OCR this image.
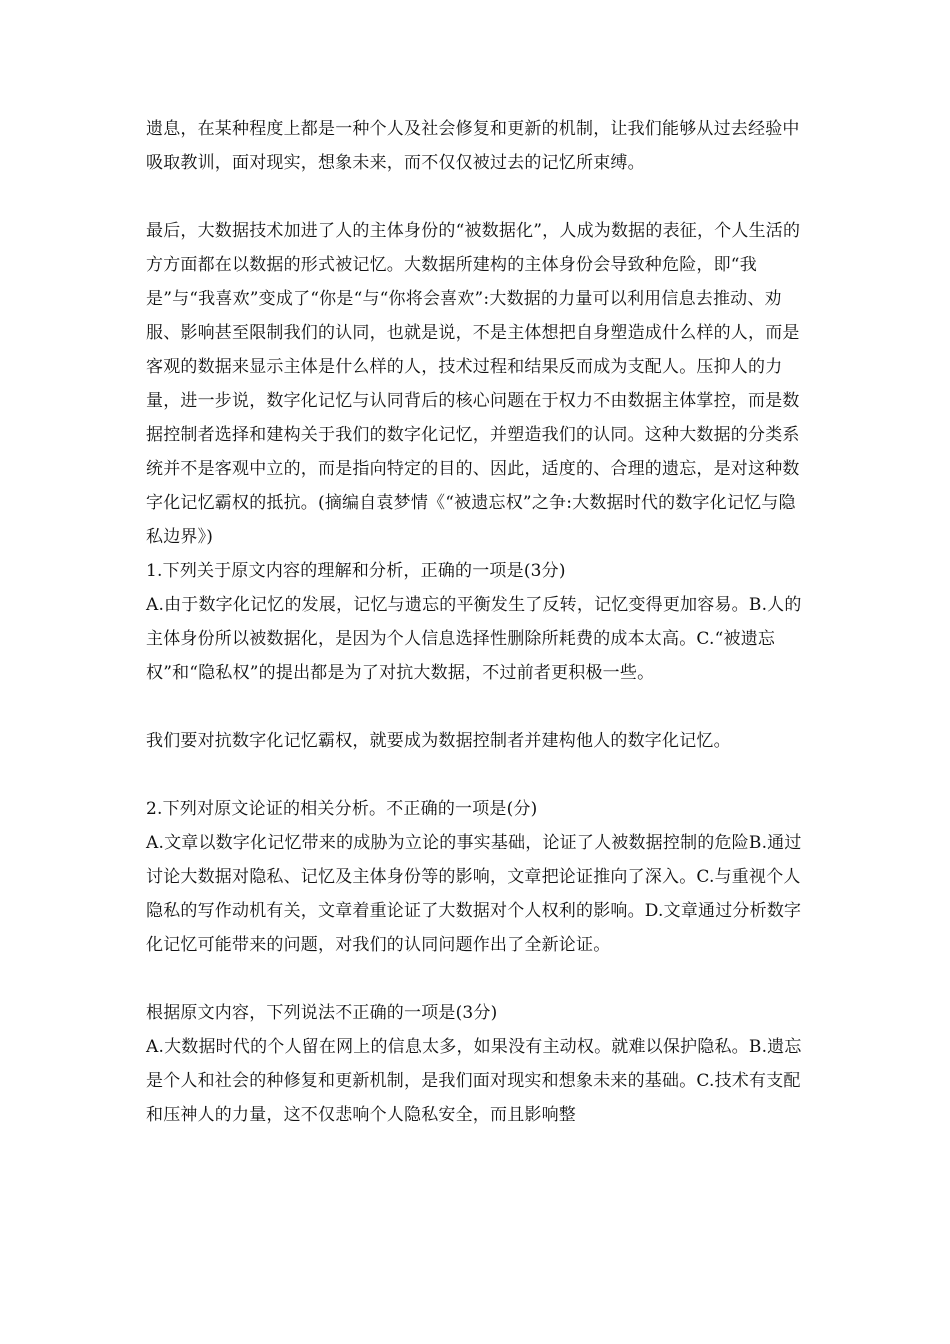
遗息，在某种程度上都是一种个人及社会修复和更新的机制，让我们能够从过去经验中吸取教训，面对现实，想象未来，而不仅仅被过去的记忆所束缚。

最后，大数据技术加进了人的主体身份的“被数据化”，人成为数据的表征，个人生活的方方面都在以数据的形式被记忆。大数据所建构的主体身份会导致种危险，即“我是”与“我喜欢”变成了“你是“与“你将会喜欢”:大数据的力量可以利用信息去推动、劝服、影响甚至限制我们的认同，也就是说，不是主体想把自身塑造成什么样的人，而是客观的数据来显示主体是什么样的人，技术过程和结果反而成为支配人。压抑人的力量，进一步说，数字化记忆与认同背后的核心问题在于权力不由数据主体掌控，而是数据控制者选择和建构关于我们的数字化记忆，并塑造我们的认同。这种大数据的分类系统并不是客观中立的，而是指向特定的目的、因此，适度的、合理的遗忘，是对这种数字化记忆霸权的抵抗。(摘编自袁梦情《“被遗忘权”之争:大数据时代的数字化记忆与隐私边界》)

1.下列关于原文内容的理解和分析，正确的一项是(3分)

A.由于数字化记忆的发展，记忆与遗忘的平衡发生了反转，记忆变得更加容易。B.人的主体身份所以被数据化，是因为个人信息选择性删除所耗费的成本太高。C.“被遗忘权”和“隐私权”的提出都是为了对抗大数据，不过前者更积极一些。

我们要对抗数字化记忆霸权，就要成为数据控制者并建构他人的数字化记忆。

2.下列对原文论证的相关分析。不正确的一项是(分)

A.文章以数字化记忆带来的成胁为立论的事实基础，论证了人被数据控制的危险B.通过讨论大数据对隐私、记忆及主体身份等的影响，文章把论证推向了深入。C.与重视个人隐私的写作动机有关，文章着重论证了大数据对个人权利的影响。D.文章通过分析数字化记忆可能带来的问题，对我们的认同问题作出了全新论证。

根据原文内容，下列说法不正确的一项是(3分)

A.大数据时代的个人留在网上的信息太多，如果没有主动权。就难以保护隐私。B.遗忘是个人和社会的种修复和更新机制，是我们面对现实和想象未来的基础。C.技术有支配和压神人的力量，这不仅悲响个人隐私安全，而且影响整
